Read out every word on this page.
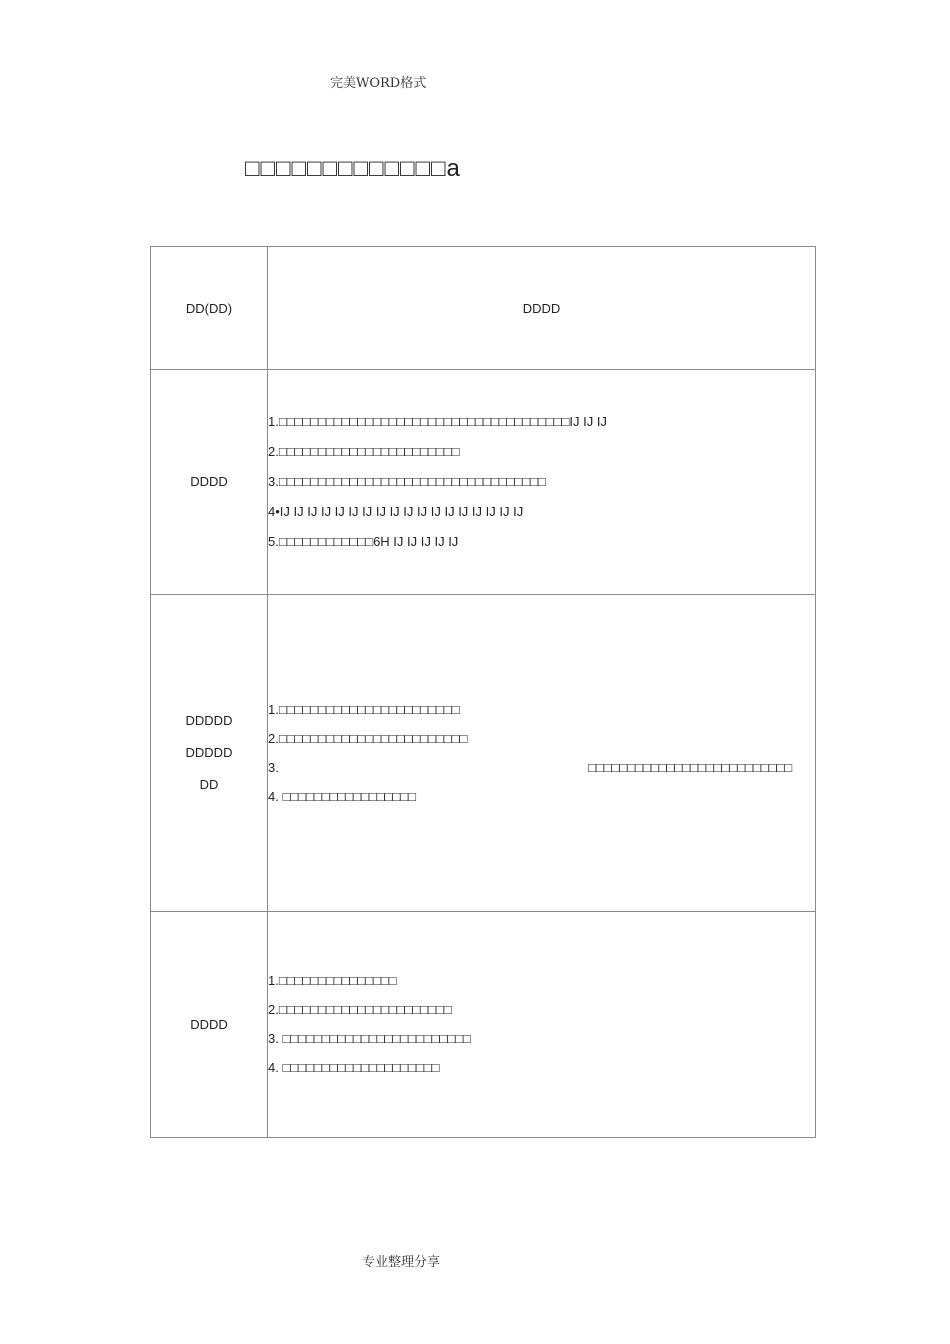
完美WORD格式
□□□□□□□□□□□□□a
DD(DD)	DDDD

DDDD	1.□□□□□□□□□□□□□□□□□□□□□□□□□□□□□□□□□□□□□IJ IJ IJ
2.□□□□□□□□□□□□□□□□□□□□□□□
3.□□□□□□□□□□□□□□□□□□□□□□□□□□□□□□□□□□
4•IJ IJ IJ IJ IJ IJ IJ IJ IJ IJ IJ IJ IJ IJ IJ IJ IJ IJ
5.□□□□□□□□□□□□6H IJ IJ IJ IJ IJ

DDDDD
DDDDD
DD	1.□□□□□□□□□□□□□□□□□□□□□□□
2.□□□□□□□□□□□□□□□□□□□□□□□□
3. □□□□□□□□□□□□□□□□□□□□□□□□□□
4. □□□□□□□□□□□□□□□□□

DDDD	1.□□□□□□□□□□□□□□□
2.□□□□□□□□□□□□□□□□□□□□□□
3. □□□□□□□□□□□□□□□□□□□□□□□□
4. □□□□□□□□□□□□□□□□□□□□
专业整理分享
